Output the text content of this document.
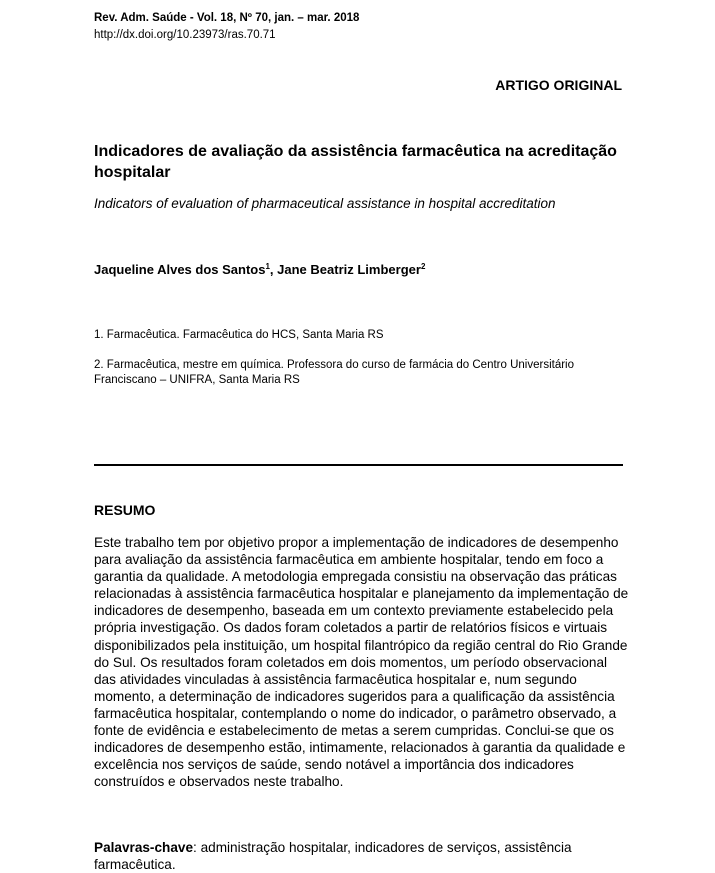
Rev. Adm. Saúde - Vol. 18, Nº 70, jan. – mar. 2018
http://dx.doi.org/10.23973/ras.70.71
ARTIGO ORIGINAL
Indicadores de avaliação da assistência farmacêutica na acreditação hospitalar
Indicators of evaluation of pharmaceutical assistance in hospital accreditation
Jaqueline Alves dos Santos$^1$, Jane Beatriz Limberger$^2$
1. Farmacêutica. Farmacêutica do HCS, Santa Maria RS
2. Farmacêutica, mestre em química. Professora do curso de farmácia do Centro Universitário Franciscano – UNIFRA, Santa Maria RS
RESUMO
Este trabalho tem por objetivo propor a implementação de indicadores de desempenho para avaliação da assistência farmacêutica em ambiente hospitalar, tendo em foco a garantia da qualidade. A metodologia empregada consistiu na observação das práticas relacionadas à assistência farmacêutica hospitalar e planejamento da implementação de indicadores de desempenho, baseada em um contexto previamente estabelecido pela própria investigação. Os dados foram coletados a partir de relatórios físicos e virtuais disponibilizados pela instituição, um hospital filantrópico da região central do Rio Grande do Sul. Os resultados foram coletados em dois momentos, um período observacional das atividades vinculadas à assistência farmacêutica hospitalar e, num segundo momento, a determinação de indicadores sugeridos para a qualificação da assistência farmacêutica hospitalar, contemplando o nome do indicador, o parâmetro observado, a fonte de evidência e estabelecimento de metas a serem cumpridas. Conclui-se que os indicadores de desempenho estão, intimamente, relacionados à garantia da qualidade e excelência nos serviços de saúde, sendo notável a importância dos indicadores construídos e observados neste trabalho.
Palavras-chave: administração hospitalar, indicadores de serviços, assistência farmacêutica.
